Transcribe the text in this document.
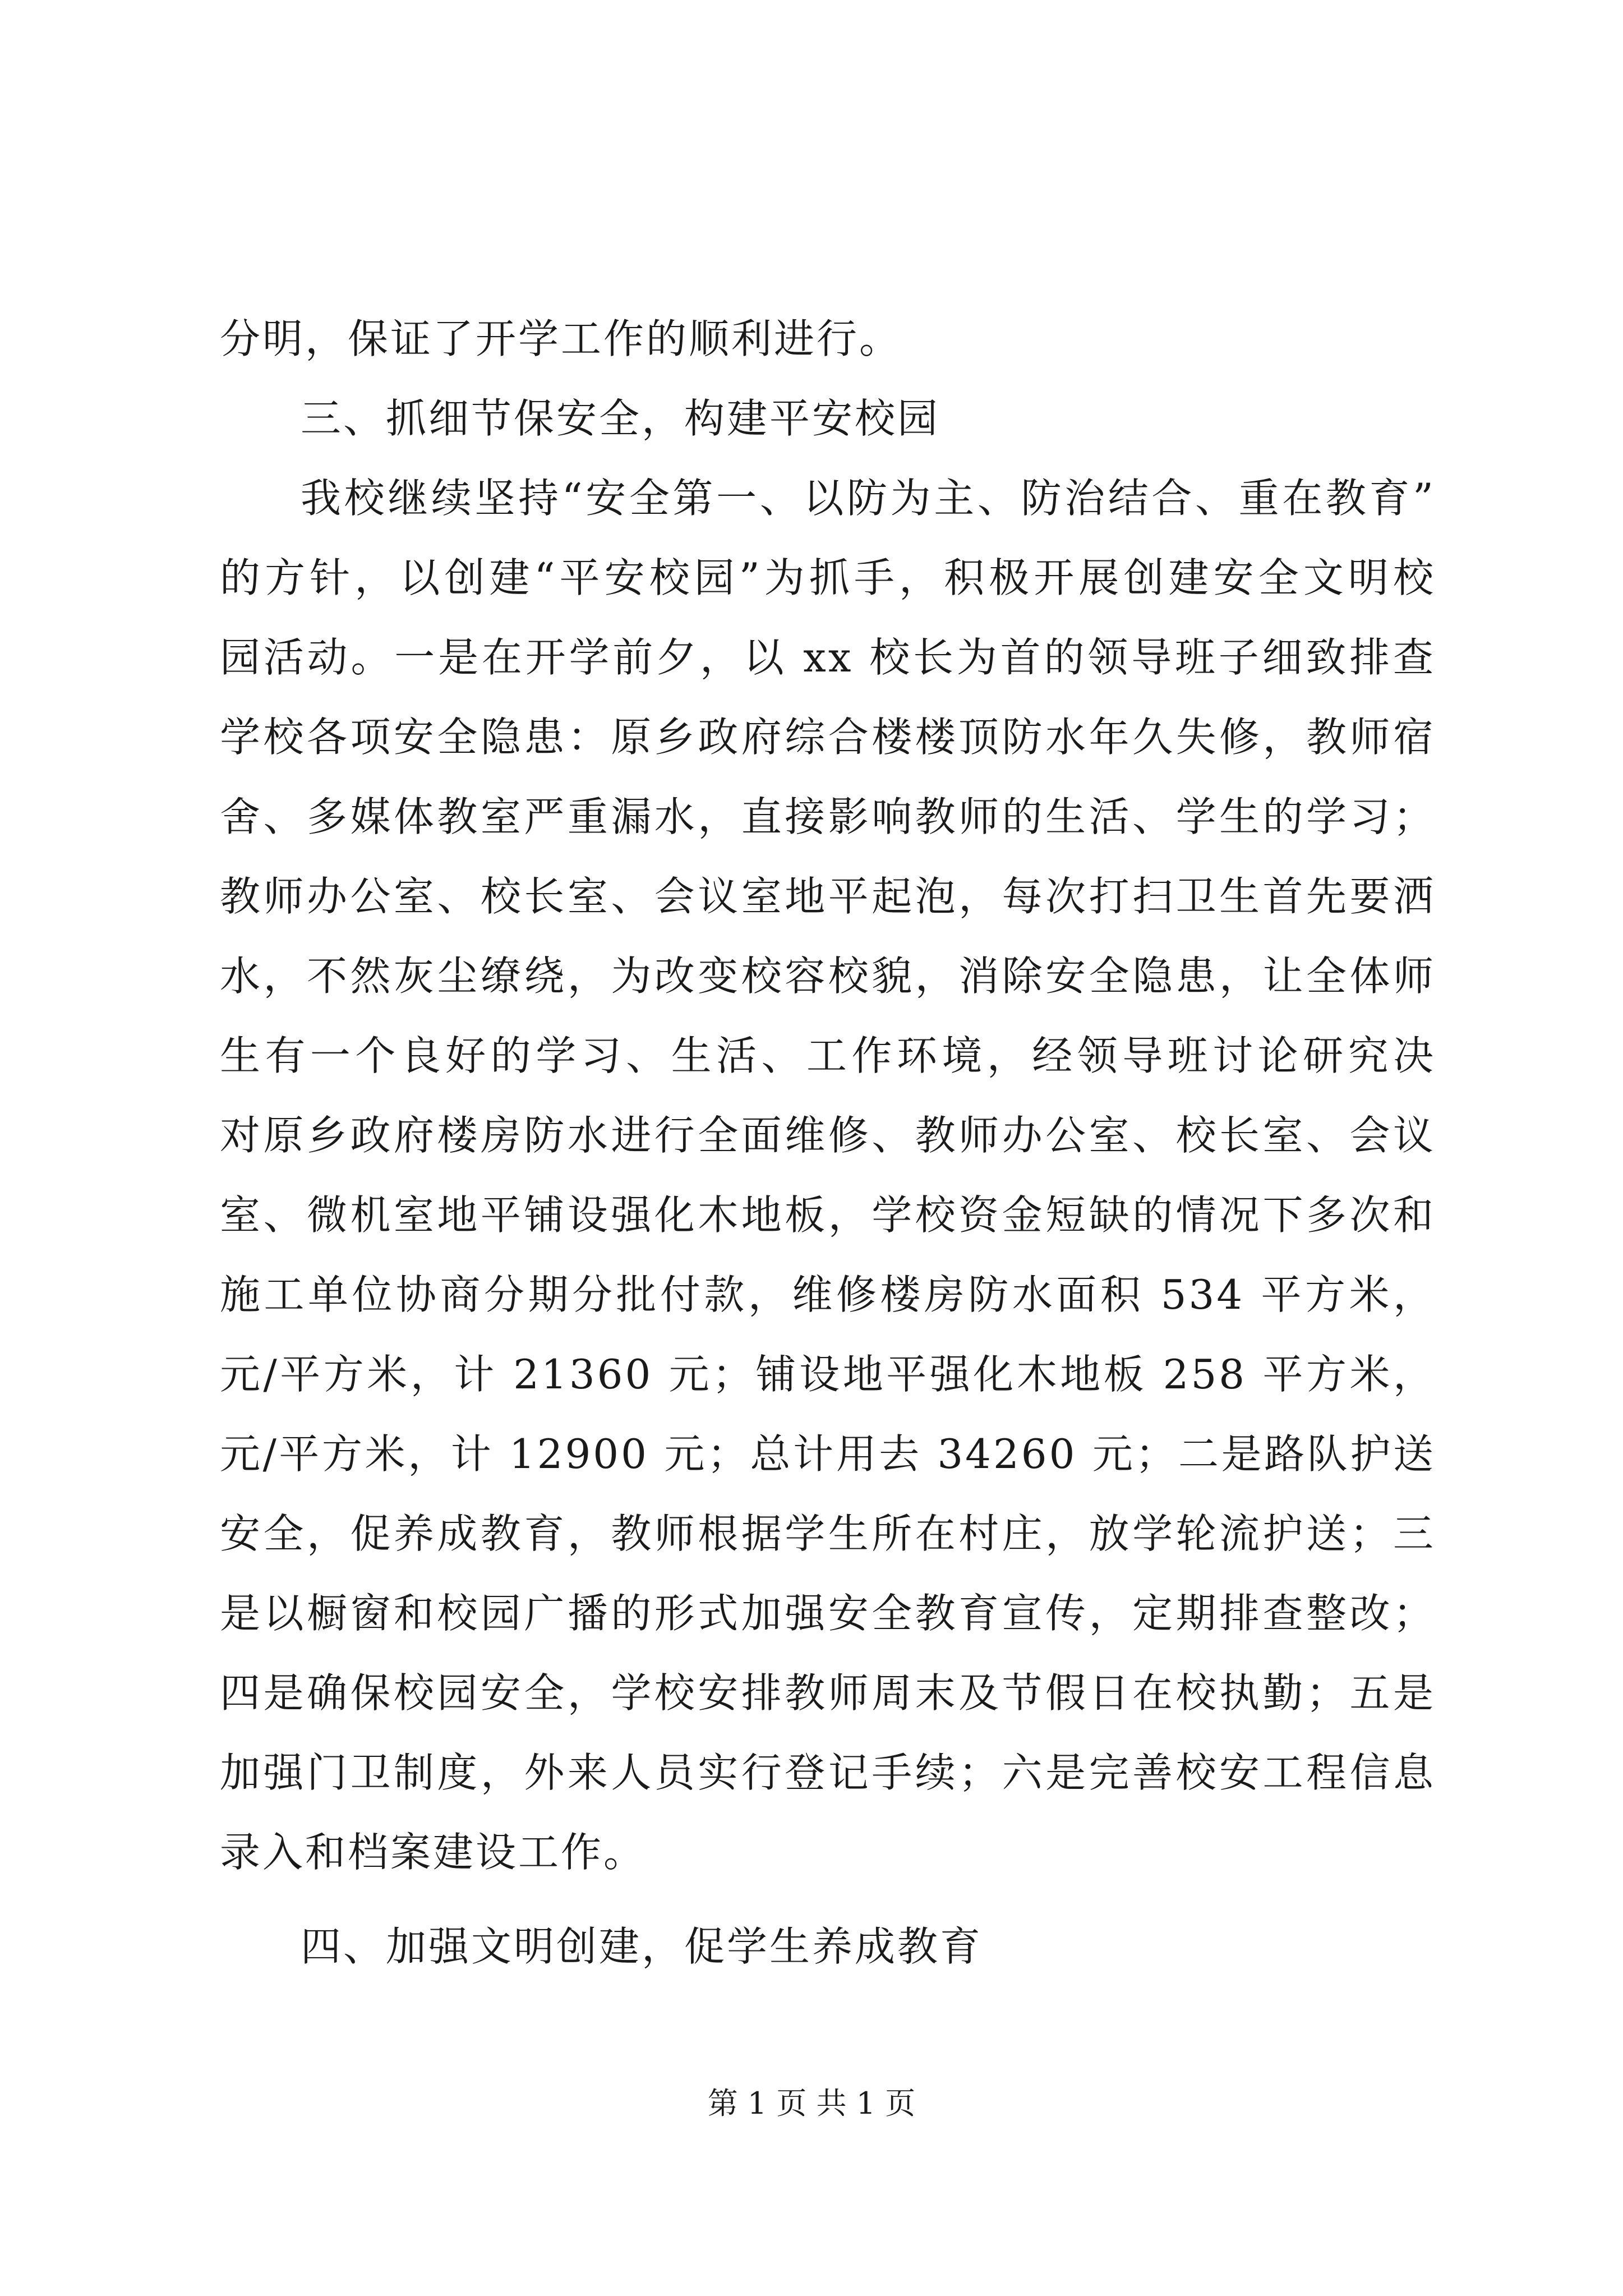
分明，保证了开学工作的顺利进行。
三、抓细节保安全，构建平安校园
我校继续坚持“安全第一、以防为主、防治结合、重在教育”
的方针，以创建“平安校园”为抓手，积极开展创建安全文明校
园活动。一是在开学前夕，以 xx 校长为首的领导班子细致排查
学校各项安全隐患：原乡政府综合楼楼顶防水年久失修，教师宿
舍、多媒体教室严重漏水，直接影响教师的生活、学生的学习；
教师办公室、校长室、会议室地平起泡，每次打扫卫生首先要洒
水，不然灰尘缭绕，为改变校容校貌，消除安全隐患，让全体师
生有一个良好的学习、生活、工作环境，经领导班讨论研究决
对原乡政府楼房防水进行全面维修、教师办公室、校长室、会议
室、微机室地平铺设强化木地板，学校资金短缺的情况下多次和
施工单位协商分期分批付款，维修楼房防水面积 534 平方米，
元/平方米，计 21360 元；铺设地平强化木地板 258 平方米，
元/平方米，计 12900 元；总计用去 34260 元；二是路队护送
安全，促养成教育，教师根据学生所在村庄，放学轮流护送；三
是以橱窗和校园广播的形式加强安全教育宣传，定期排查整改；
四是确保校园安全，学校安排教师周末及节假日在校执勤；五是
加强门卫制度，外来人员实行登记手续；六是完善校安工程信息
录入和档案建设工作。
四、加强文明创建，促学生养成教育
第 1 页 共 1 页
